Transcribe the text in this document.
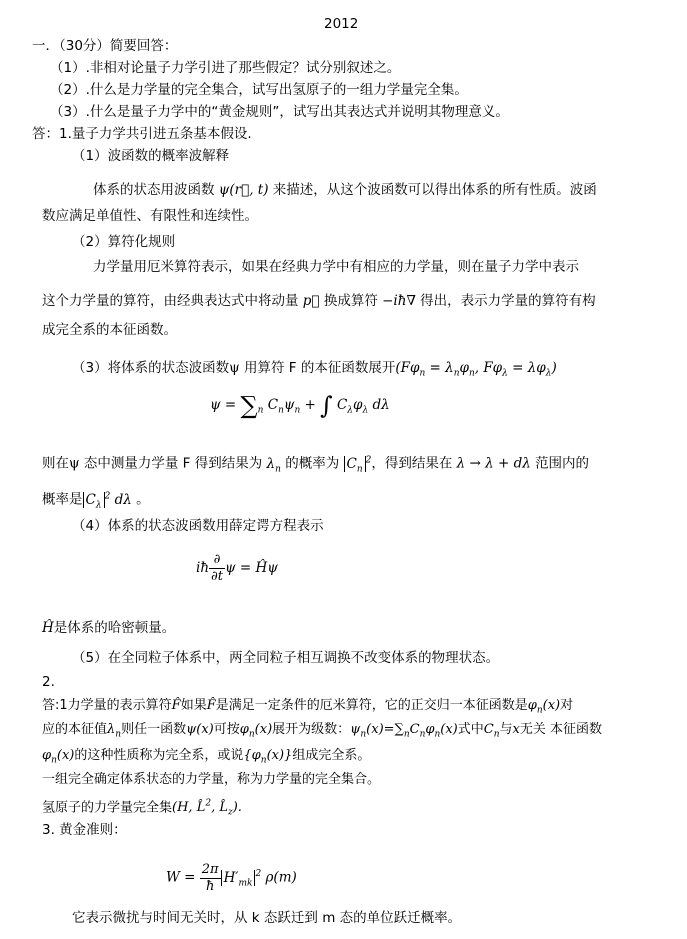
2012
一．（30分）简要回答：
（1）.非相对论量子力学引进了那些假定？试分别叙述之。
（2）.什么是力学量的完全集合，试写出氢原子的一组力学量完全集。
（3）.什么是量子力学中的“黄金规则”，试写出其表达式并说明其物理意义。
答：1.量子力学共引进五条基本假设.
（1）波函数的概率波解释
体系的状态用波函数 ψ(r⃗, t) 来描述，从这个波函数可以得出体系的所有性质。波函
数应满足单值性、有限性和连续性。
（2）算符化规则
力学量用厄米算符表示，如果在经典力学中有相应的力学量，则在量子力学中表示
这个力学量的算符，由经典表达式中将动量 p⃗ 换成算符 −iħ∇ 得出，表示力学量的算符有构
成完全系的本征函数。
（3）将体系的状态波函数ψ 用算符 F 的本征函数展开($F\varphi_n = \lambda_n\varphi_n$, $F\varphi_\lambda = \lambda\varphi_\lambda$)
$\psi = \sum_n$ $C_n\psi_n$ + ∫ $C_\lambda\varphi_\lambda$ dλ
则在ψ 态中测量力学量 F 得到结果为 $\lambda_n$ 的概率为 $C_n^2$，得到结果在 λ → λ + dλ 范围内的
概率是 $C_\lambda^2$ dλ 。
（4）体系的状态波函数用薛定谔方程表示
iħ $\frac{\partial}{\partial t}$ ψ = Ĥψ
Ĥ是体系的哈密顿量。
（5）在全同粒子体系中，两全同粒子相互调换不改变体系的物理状态。
2.
答:1力学量的表示算符F̂如果F̂是满足一定条件的厄米算符，它的正交归一本征函数是$\varphi_n(x)$对
应的本征值$\lambda_n$则任一函数ψ(x)可按$\varphi_n(x)$展开为级数：$\psi_n(x)=\sum_nC_n\varphi_n(x)$式中$C_n$与x无关 本征函数
$\varphi_n(x)$的这种性质称为完全系，或说$\{\varphi_n(x)\}$组成完全系。
一组完全确定体系状态的力学量，称为力学量的完全集合。
氢原子的力学量完全集(H, L̂$^2$, $L̂_z$).
3. 黄金准则：
$W = \frac{2\pi}{ħ} H'_{mk}^2$ ρ(m)
它表示微扰与时间无关时，从 k 态跃迁到 m 态的单位跃迁概率。
